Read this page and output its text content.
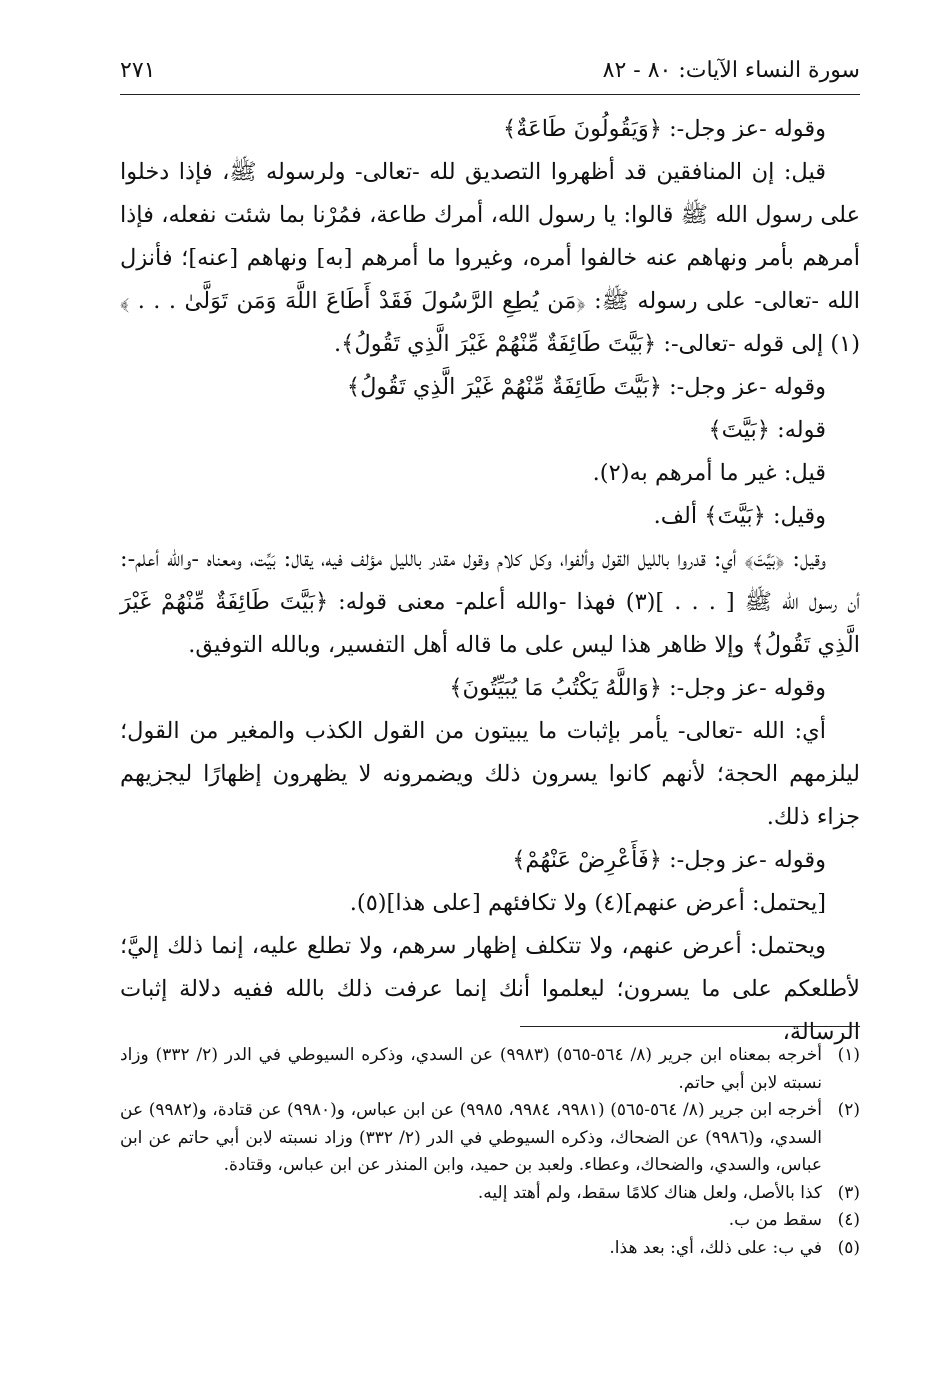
سورة النساء الآيات: ٨٠ - ٨٢
٢٧١

وقوله -عز وجل-: ﴿وَيَقُولُونَ طَاعَةٌ﴾

قيل: إن المنافقين قد أظهروا التصديق لله -تعالى- ولرسوله ﷺ، فإذا دخلوا على رسول الله ﷺ قالوا: يا رسول الله، أمرك طاعة، فمُرْنا بما شئت نفعله، فإذا أمرهم بأمر ونهاهم عنه خالفوا أمره، وغيروا ما أمرهم [به] ونهاهم [عنه]؛ فأنزل الله -تعالى- على رسوله ﷺ: ﴿مَن يُطِعِ الرَّسُولَ فَقَدْ أَطَاعَ اللَّهَ وَمَن تَوَلَّىٰ . . . ﴾(١) إلى قوله -تعالى-: ﴿بَيَّتَ طَائِفَةٌ مِّنْهُمْ غَيْرَ الَّذِي تَقُولُ﴾.

وقوله -عز وجل-: ﴿بَيَّتَ طَائِفَةٌ مِّنْهُمْ غَيْرَ الَّذِي تَقُولُ﴾

قوله: ﴿بَيَّتَ﴾

قيل: غير ما أمرهم به(٢).

وقيل: ﴿بَيَّتَ﴾ ألف.

وقيل: ﴿بَيَّتَ﴾ أي: قدروا بالليل القول وألفوا، وكل كلام وقول مقدر بالليل مؤلف فيه، يقال: بَيِّت، ومعناه -والله أعلم-: أن رسول الله ﷺ [ . . . ](٣) فهذا -والله أعلم- معنى قوله: ﴿بَيَّتَ طَائِفَةٌ مِّنْهُمْ غَيْرَ الَّذِي تَقُولُ﴾ وإلا ظاهر هذا ليس على ما قاله أهل التفسير، وبالله التوفيق.

وقوله -عز وجل-: ﴿وَاللَّهُ يَكْتُبُ مَا يُبَيِّتُونَ﴾

أي: الله -تعالى- يأمر بإثبات ما يبيتون من القول الكذب والمغير من القول؛ ليلزمهم الحجة؛ لأنهم كانوا يسرون ذلك ويضمرونه لا يظهرون إظهارًا ليجزيهم جزاء ذلك.

وقوله -عز وجل-: ﴿فَأَعْرِضْ عَنْهُمْ﴾

[يحتمل: أعرض عنهم](٤) ولا تكافئهم [على هذا](٥).

ويحتمل: أعرض عنهم، ولا تتكلف إظهار سرهم، ولا تطلع عليه، إنما ذلك إليَّ؛ لأطلعكم على ما يسرون؛ ليعلموا أنك إنما عرفت ذلك بالله ففيه دلالة إثبات الرسالة،

(١)
أخرجه بمعناه ابن جرير (٨/ ٥٦٤-٥٦٥) (٩٩٨٣) عن السدي، وذكره السيوطي في الدر (٢/ ٣٣٢) وزاد نسبته لابن أبي حاتم.
(٢)
أخرجه ابن جرير (٨/ ٥٦٤-٥٦٥) (٩٩٨١، ٩٩٨٤، ٩٩٨٥) عن ابن عباس، و(٩٩٨٠) عن قتادة، و(٩٩٨٢) عن السدي، و(٩٩٨٦) عن الضحاك، وذكره السيوطي في الدر (٢/ ٣٣٢) وزاد نسبته لابن أبي حاتم عن ابن عباس، والسدي، والضحاك، وعطاء. ولعبد بن حميد، وابن المنذر عن ابن عباس، وقتادة.
(٣)
كذا بالأصل، ولعل هناك كلامًا سقط، ولم أهتد إليه.
(٤)
سقط من ب.
(٥)
في ب: على ذلك، أي: بعد هذا.
